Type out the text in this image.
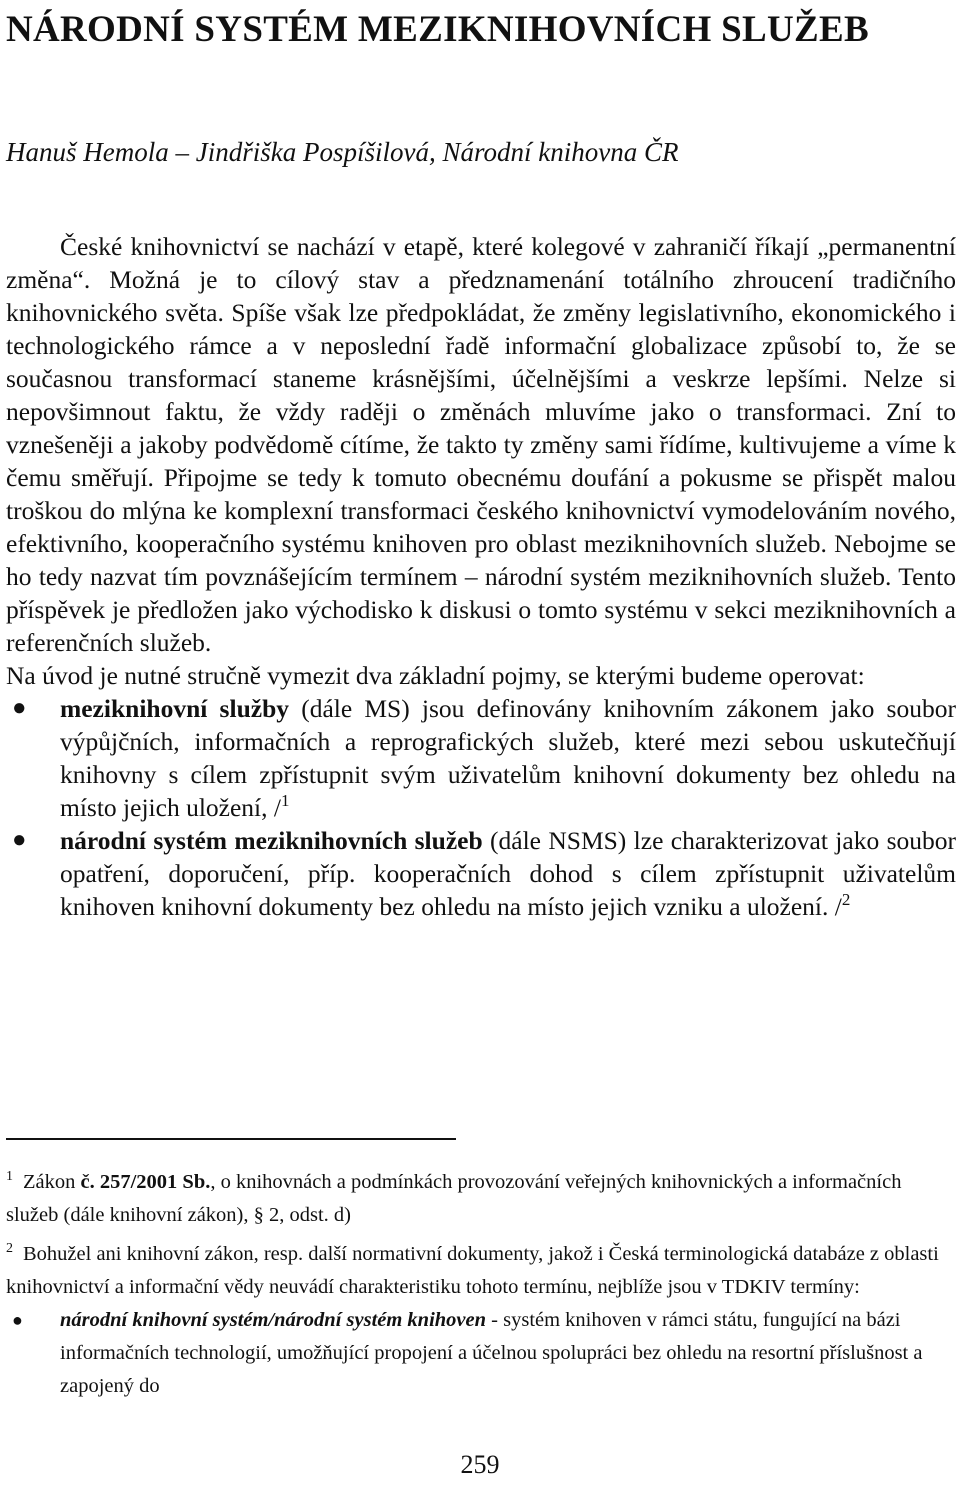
NÁRODNÍ SYSTÉM MEZIKNIHOVNÍCH SLUŽEB
Hanuš Hemola – Jindřiška Pospíšilová, Národní knihovna ČR

České knihovnictví se nachází v etapě, které kolegové v zahraničí říkají „permanentní změna“. Možná je to cílový stav a předznamenání totálního zhroucení tradičního knihovnického světa. Spíše však lze předpokládat, že změny legislativního, ekonomického i technologického rámce a v neposlední řadě informační globalizace způsobí to, že se současnou transformací staneme krásnějšími, účelnějšími a veskrze lepšími. Nelze si nepovšimnout faktu, že vždy raději o změnách mluvíme jako o transformaci. Zní to vznešeněji a jakoby podvědomě cítíme, že takto ty změny sami řídíme, kultivujeme a víme k čemu směřují. Připojme se tedy k tomuto obecnému doufání a pokusme se přispět malou troškou do mlýna ke komplexní transformaci českého knihovnictví vymodelováním nového, efektivního, kooperačního systému knihoven pro oblast meziknihovních služeb. Nebojme se ho tedy nazvat tím povznášejícím termínem – národní systém meziknihovních služeb. Tento příspěvek je předložen jako východisko k diskusi o tomto systému v sekci meziknihovních a referenčních služeb.

Na úvod je nutné stručně vymezit dva základní pojmy, se kterými budeme operovat:

● meziknihovní služby (dále MS) jsou definovány knihovním zákonem jako soubor výpůjčních, informačních a reprografických služeb, které mezi sebou uskutečňují knihovny s cílem zpřístupnit svým uživatelům knihovní dokumenty bez ohledu na místo jejich uložení, /$^1$
● národní systém meziknihovních služeb (dále NSMS) lze charakterizovat jako soubor opatření, doporučení, příp. kooperačních dohod s cílem zpřístupnit uživatelům knihoven knihovní dokumenty bez ohledu na místo jejich vzniku a uložení. /$^2$

$^1$ Zákon č. 257/2001 Sb., o knihovnách a podmínkách provozování veřejných knihovnických a informačních služeb (dále knihovní zákon), § 2, odst. d)

$^2$ Bohužel ani knihovní zákon, resp. další normativní dokumenty, jakož i Česká terminologická databáze z oblasti knihovnictví a informační vědy neuvádí charakteristiku tohoto termínu, nejblíže jsou v TDKIV termíny:

● národní knihovní systém/národní systém knihoven - systém knihoven v rámci státu, fungující na bázi informačních technologií, umožňující propojení a účelnou spolupráci bez ohledu na resortní příslušnost a zapojený do
259
